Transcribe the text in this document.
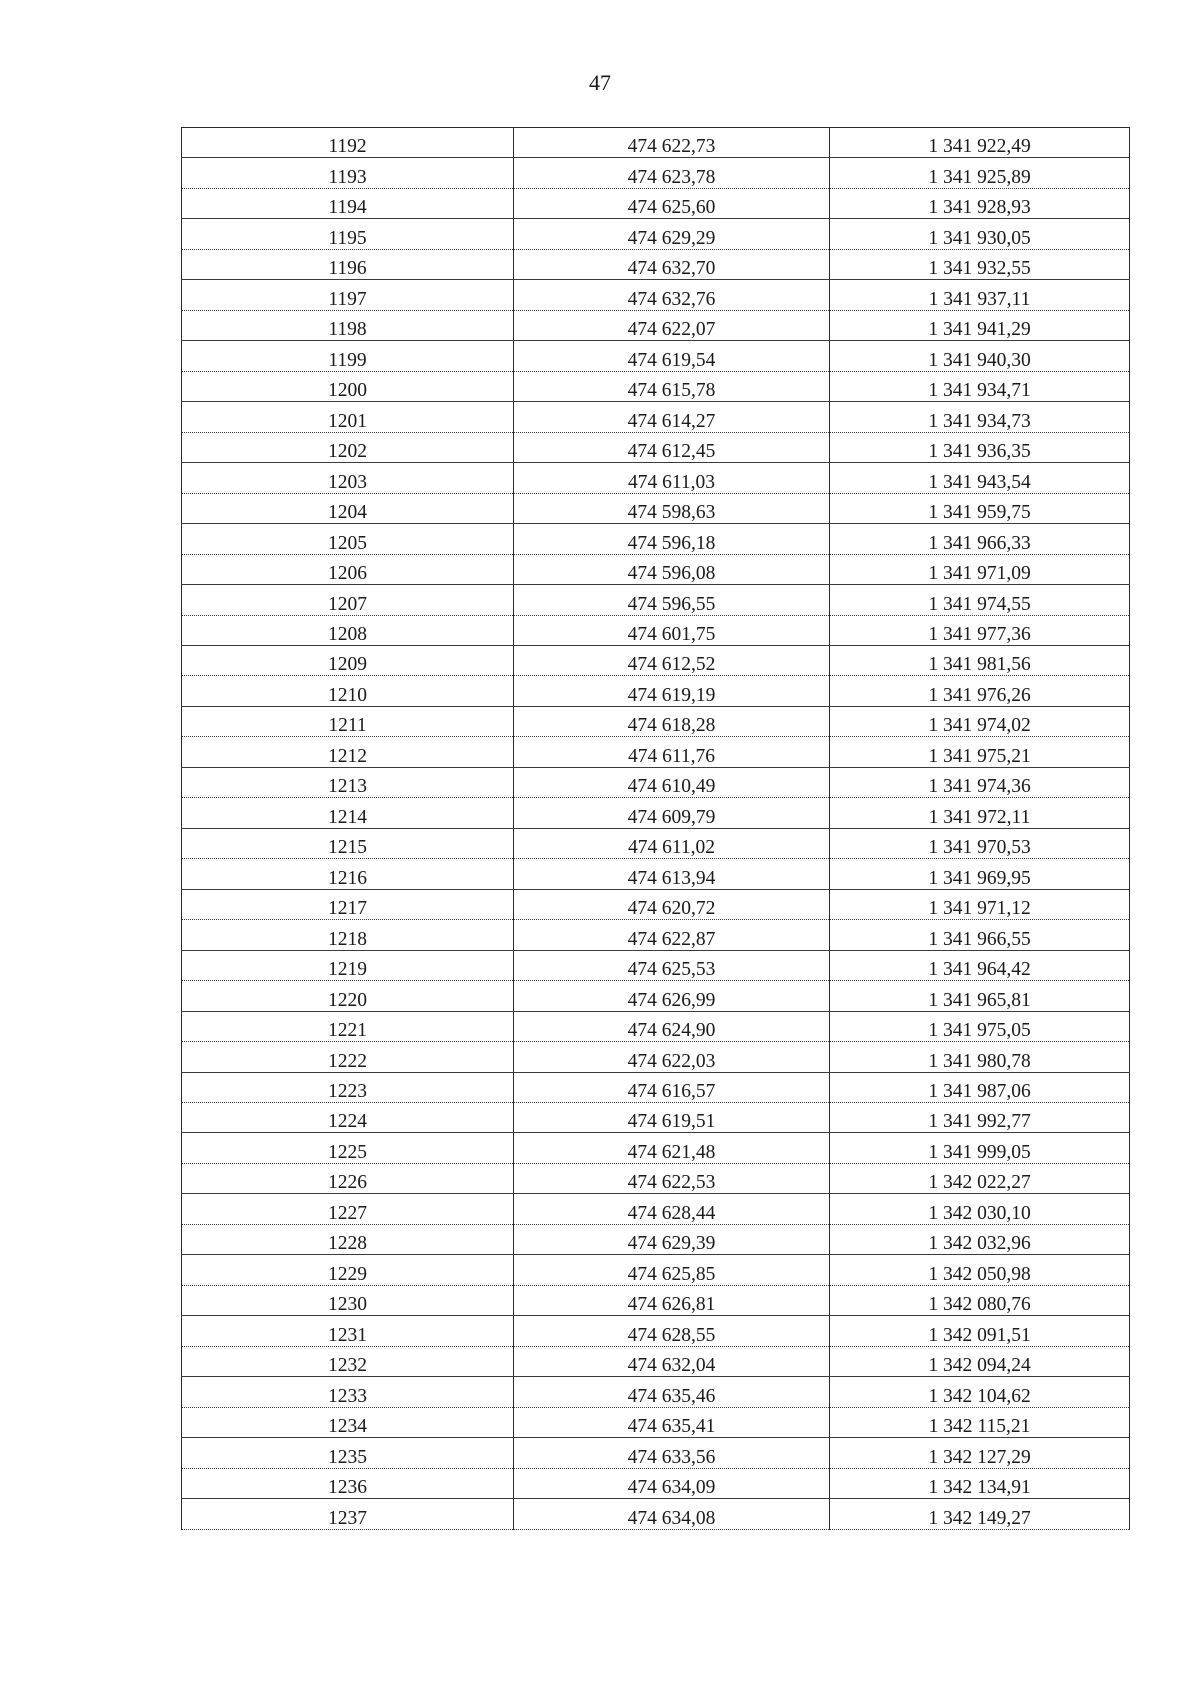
47
1192	474 622,73	1 341 922,49
1193	474 623,78	1 341 925,89
1194	474 625,60	1 341 928,93
1195	474 629,29	1 341 930,05
1196	474 632,70	1 341 932,55
1197	474 632,76	1 341 937,11
1198	474 622,07	1 341 941,29
1199	474 619,54	1 341 940,30
1200	474 615,78	1 341 934,71
1201	474 614,27	1 341 934,73
1202	474 612,45	1 341 936,35
1203	474 611,03	1 341 943,54
1204	474 598,63	1 341 959,75
1205	474 596,18	1 341 966,33
1206	474 596,08	1 341 971,09
1207	474 596,55	1 341 974,55
1208	474 601,75	1 341 977,36
1209	474 612,52	1 341 981,56
1210	474 619,19	1 341 976,26
1211	474 618,28	1 341 974,02
1212	474 611,76	1 341 975,21
1213	474 610,49	1 341 974,36
1214	474 609,79	1 341 972,11
1215	474 611,02	1 341 970,53
1216	474 613,94	1 341 969,95
1217	474 620,72	1 341 971,12
1218	474 622,87	1 341 966,55
1219	474 625,53	1 341 964,42
1220	474 626,99	1 341 965,81
1221	474 624,90	1 341 975,05
1222	474 622,03	1 341 980,78
1223	474 616,57	1 341 987,06
1224	474 619,51	1 341 992,77
1225	474 621,48	1 341 999,05
1226	474 622,53	1 342 022,27
1227	474 628,44	1 342 030,10
1228	474 629,39	1 342 032,96
1229	474 625,85	1 342 050,98
1230	474 626,81	1 342 080,76
1231	474 628,55	1 342 091,51
1232	474 632,04	1 342 094,24
1233	474 635,46	1 342 104,62
1234	474 635,41	1 342 115,21
1235	474 633,56	1 342 127,29
1236	474 634,09	1 342 134,91
1237	474 634,08	1 342 149,27
